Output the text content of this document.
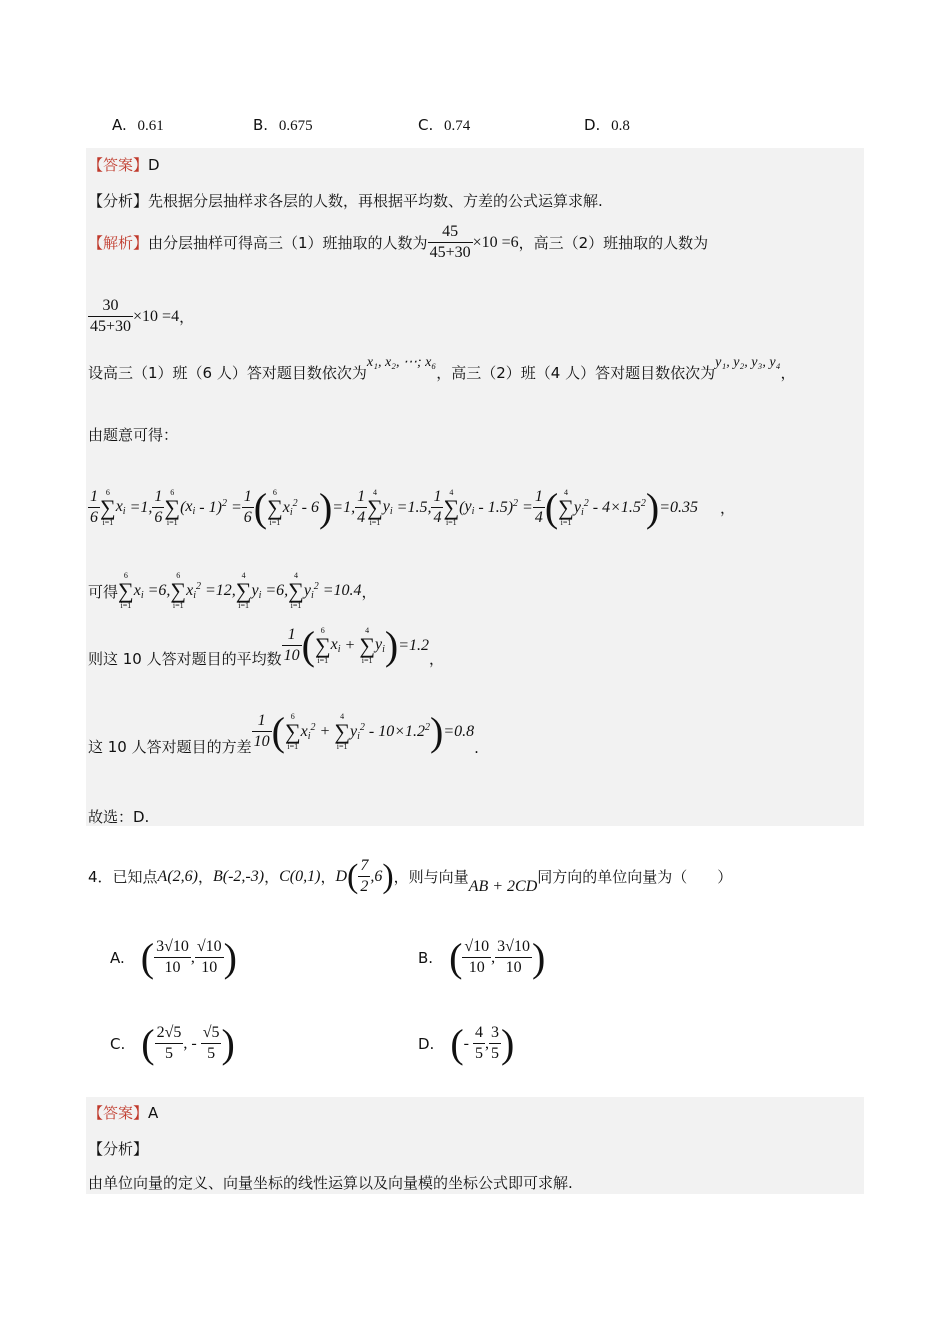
A. 0.61	B. 0.675	C. 0.74	D. 0.8
【答案】D
【分析】先根据分层抽样求各层的人数，再根据平均数、方差的公式运算求解.
【解析】 由分层抽样可得高三（1）班抽取的人数为 $\frac{45}{45+30} \times 10 =6$ ，高三（2）班抽取的人数为
$\frac{30}{45+30} \times 10 =4$ ，
设高三（1）班（6 人）答对题目数依次为
x₁, x₂, ⋯; x₆
，高三（2）班（4 人）答对题目数依次为
y₁, y₂, y₃, y₄
，
由题意可得：
$\frac{1}{6} 6$
∑
i=1
$x_i =1$, $\frac{1}{6} 6$
∑
i=1
( $x_i - 1)^2 = \frac{1}{6}$ ( 6
∑
i=1
$x_i^2 - 6$ ) =1, $\frac{1}{4} 4$
∑
i=1
$y_i =1.5$, $\frac{1}{4} 4$
∑
i=1
( $y_i - 1.5)^2 = \frac{1}{4}$ ( 4
∑
i=1
$y_i^2 - 4\times 1.5^2$ ) =0.35 ，
可得
6
∑
i=1
$x_i =6$,
6
∑
i=1
$x_i^2 =12$,
4
∑
i=1
$y_i =6$,
4
∑
i=1
$y_i^2 =10.4$ ，
则这 10 人答对题目的平均数 $\frac{1}{10}$ ( 6
∑
i=1
$x_i$ +
4
∑
i=1
$y_i$ ) =1.2
，
这 10 人答对题目的方差 $\frac{1}{10}$ ( 6
∑
i=1
$x_i^2$ +
4
∑
i=1
$y_i^2 - 10\times 1.2^2$ ) =0.8
.
故选：D.
4．已知点 A(2,6) ， B(-2,-3) ， C(0,1) ， D ( $\frac{7}{2} ,6$ ) ，则与向量 AB + 2CD 同方向的单位向量为（　　）
A. ( $\frac{3√10}{10}$ , $\frac{√10}{10}$ )	B. ( $\frac{√10}{10}$ , $\frac{3√10}{10}$ )
C. ( $\frac{2√5}{5}$ , - $\frac{√5}{5}$ )	D. ( - $\frac{4}{5}$ , $\frac{3}{5}$ )
【答案】A
【分析】
由单位向量的定义、向量坐标的线性运算以及向量模的坐标公式即可求解.
